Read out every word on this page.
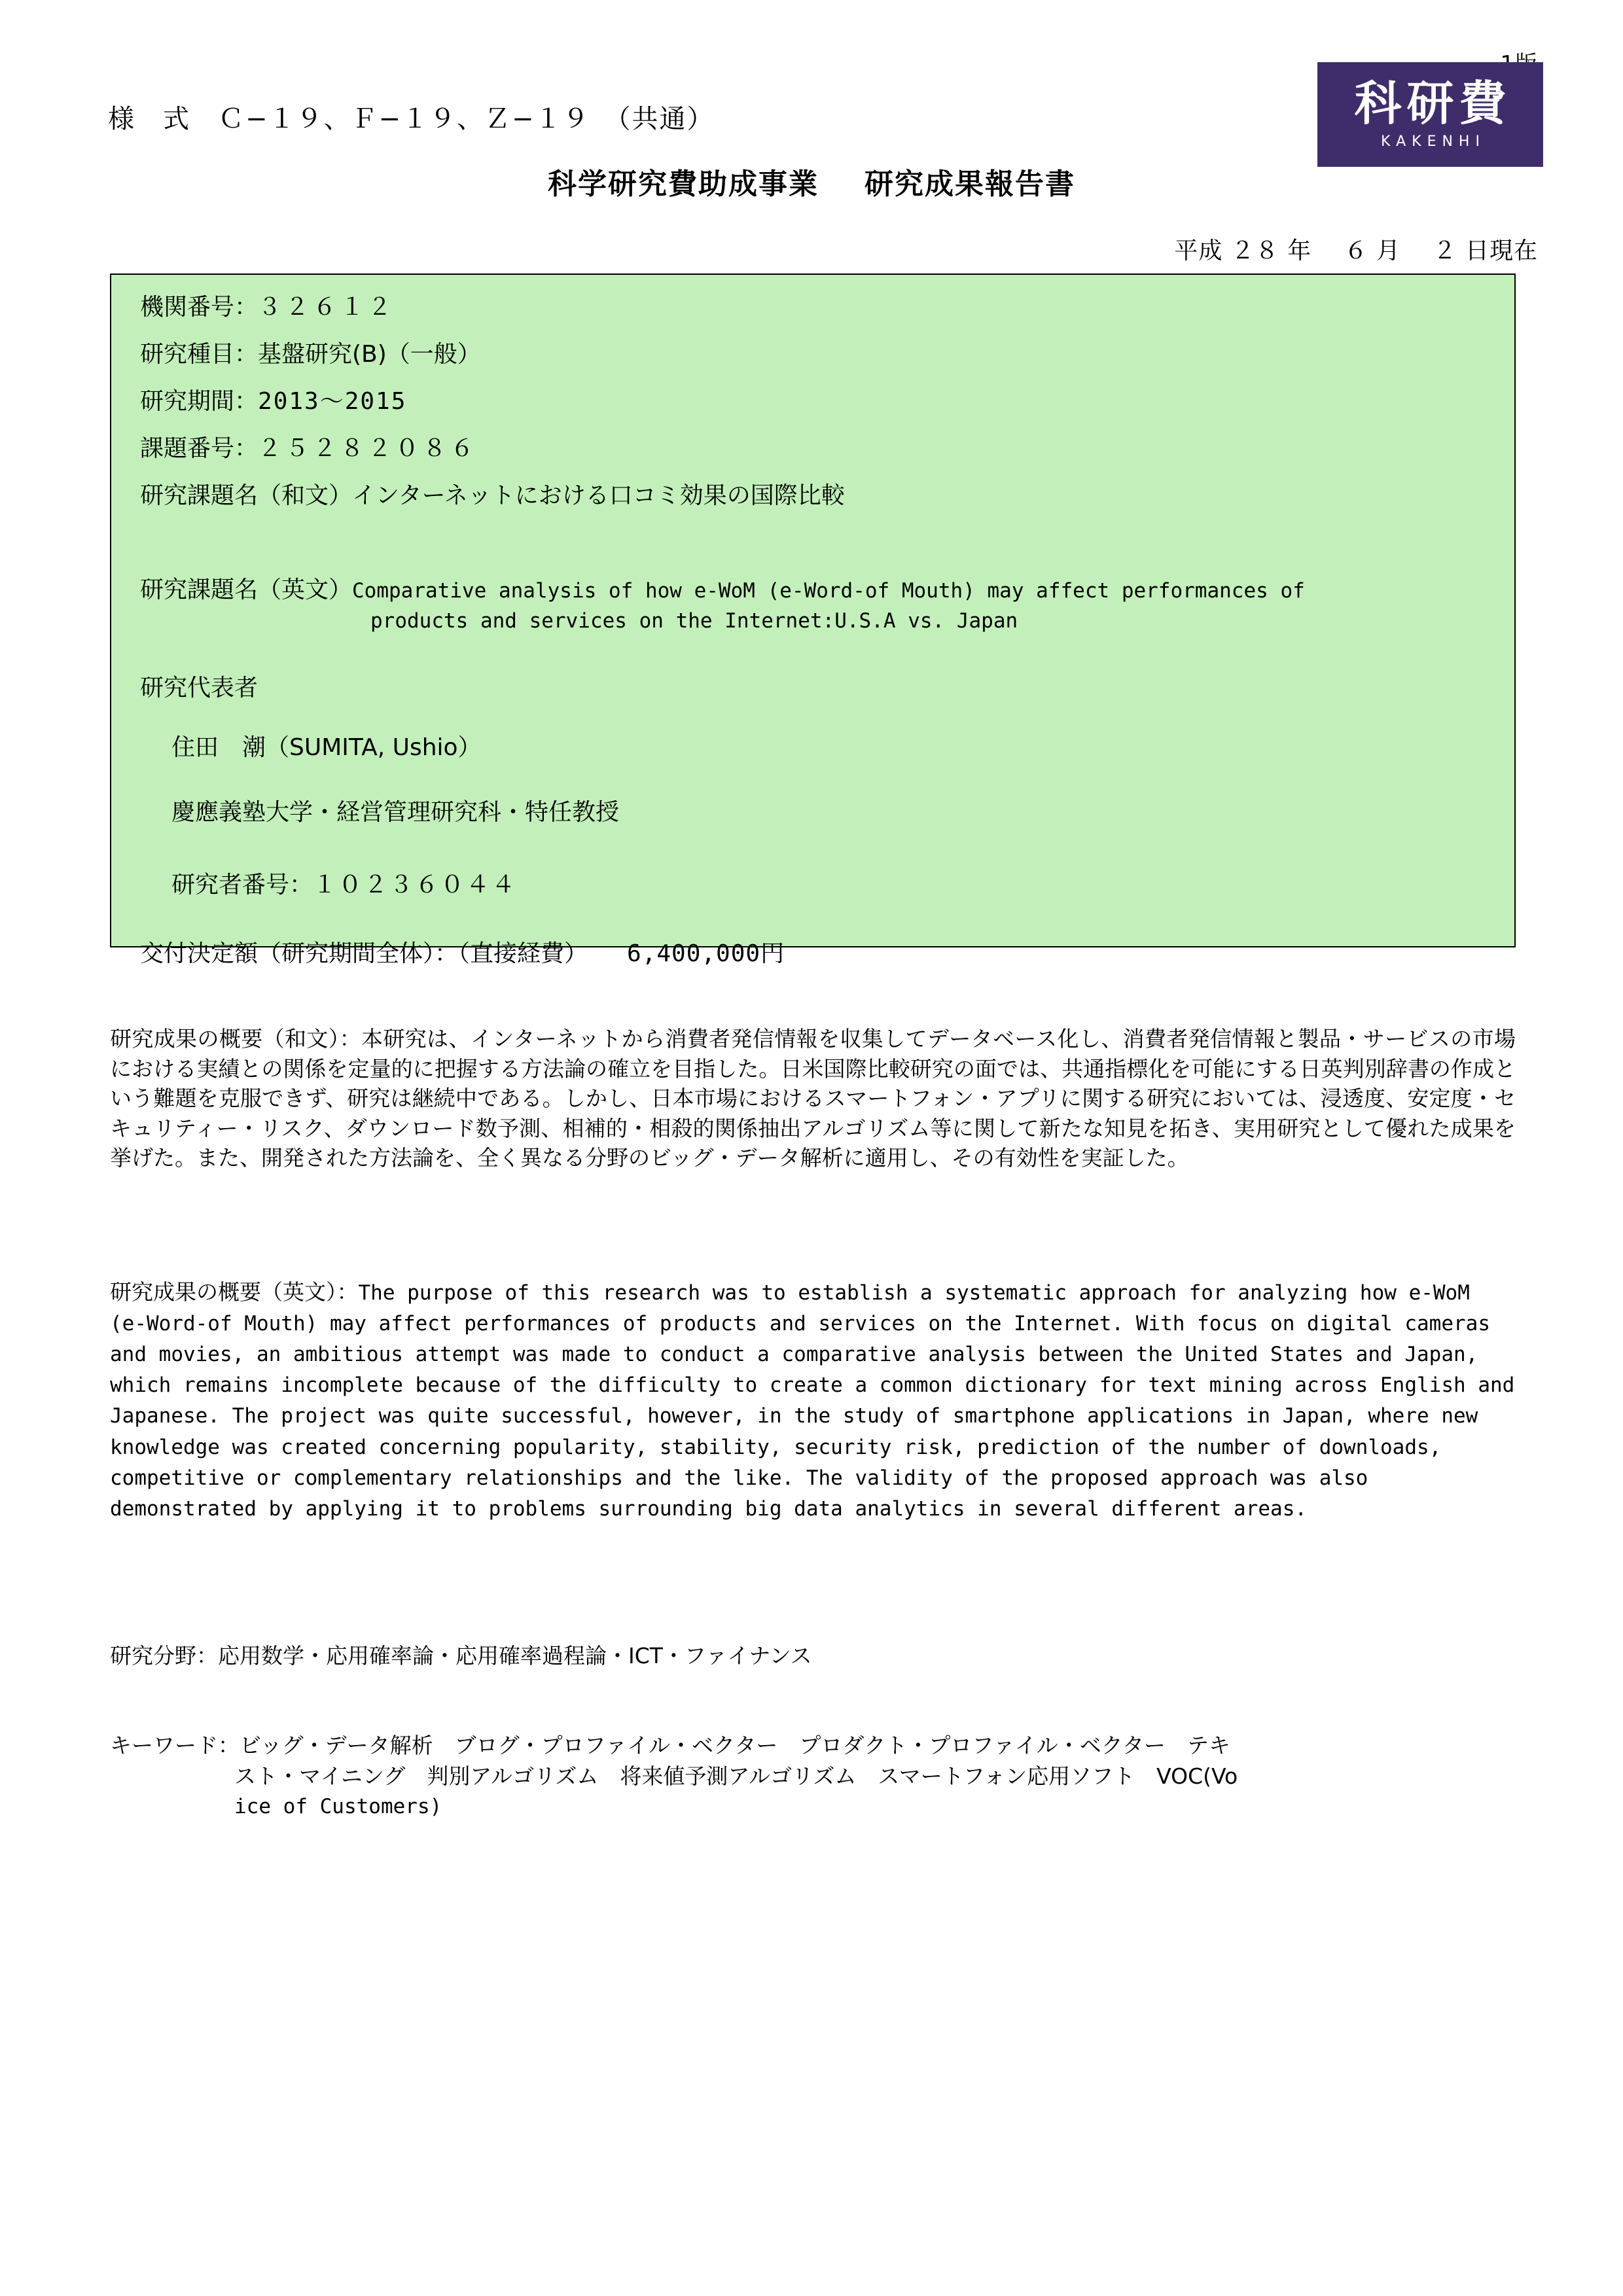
様　式　Ｃ−１９、Ｆ−１９、Ｚ−１９　（共通）
科学研究費助成事業 研究成果報告書
科研費
KAKENHI
平成 ２８ 年　 ６ 月　 ２ 日現在
機関番号：３２６１２
研究種目：基盤研究(B)（一般）
研究期間：2013～2015
課題番号：２５２８２０８６
研究課題名（和文）インターネットにおける口コミ効果の国際比較
研究課題名（英文）Comparative analysis of how e-WoM (e-Word-of Mouth) may affect performances of
products and services on the Internet:U.S.A vs. Japan
研究代表者
住田　潮（SUMITA, Ushio）
慶應義塾大学・経営管理研究科・特任教授
研究者番号：１０２３６０４４
交付決定額（研究期間全体）：（直接経費） 6,400,000円
研究成果の概要（和文）：本研究は、インターネットから消費者発信情報を収集してデータベース化し、消費者発信情報と製品・サービスの市場における実績との関係を定量的に把握する方法論の確立を目指した。日米国際比較研究の面では、共通指標化を可能にする日英判別辞書の作成という難題を克服できず、研究は継続中である。しかし、日本市場におけるスマートフォン・アプリに関する研究においては、浸透度、安定度・セキュリティー・リスク、ダウンロード数予測、相補的・相殺的関係抽出アルゴリズム等に関して新たな知見を拓き、実用研究として優れた成果を挙げた。また、開発された方法論を、全く異なる分野のビッグ・データ解析に適用し、その有効性を実証した。
研究成果の概要（英文）：The purpose of this research was to establish a systematic approach for analyzing how e-WoM (e-Word-of Mouth) may affect performances of products and services on the Internet. With focus on digital cameras and movies, an ambitious attempt was made to conduct a comparative analysis between the United States and Japan, which remains incomplete because of the difficulty to create a common dictionary for text mining across English and Japanese. The project was quite successful, however, in the study of smartphone applications in Japan, where new knowledge was created concerning popularity, stability, security risk, prediction of the number of downloads, competitive or complementary relationships and the like. The validity of the proposed approach was also demonstrated by applying it to problems surrounding big data analytics in several different areas.
研究分野：応用数学・応用確率論・応用確率過程論・ICT・ファイナンス
キーワード：ビッグ・データ解析　ブログ・プロファイル・ベクター　プロダクト・プロファイル・ベクター　テキ
スト・マイニング　判別アルゴリズム　将来値予測アルゴリズム　スマートフォン応用ソフト　VOC(Vo
ice of Customers)
